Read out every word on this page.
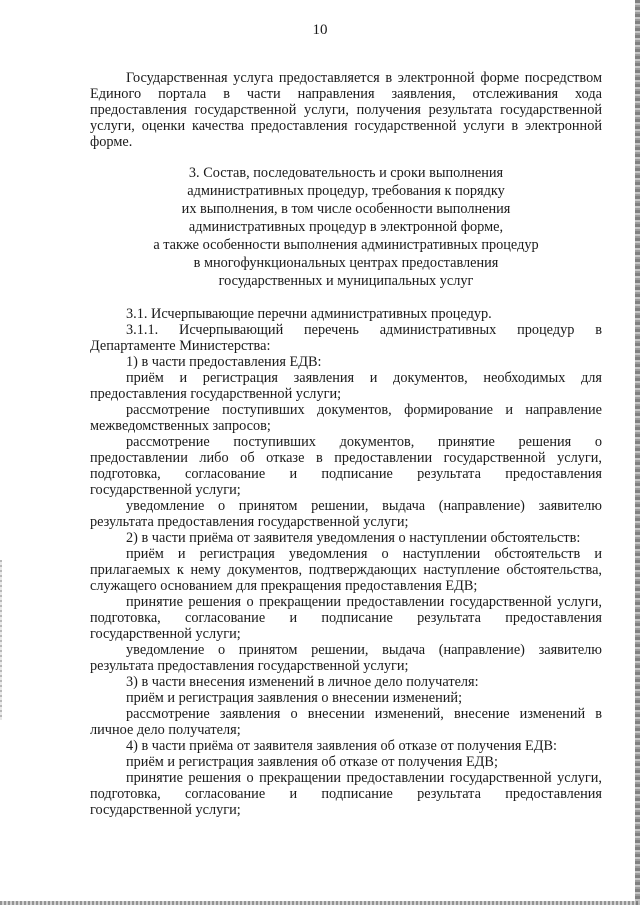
10

Государственная услуга предоставляется в электронной форме посредством Единого портала в части направления заявления, отслеживания хода предоставления государственной услуги, получения результата государственной услуги, оценки качества предоставления государственной услуги в электронной форме.

3. Состав, последовательность и сроки выполнения
административных процедур, требования к порядку
их выполнения, в том числе особенности выполнения
административных процедур в электронной форме,
а также особенности выполнения административных процедур
в многофункциональных центрах предоставления
государственных и муниципальных услуг

3.1. Исчерпывающие перечни административных процедур.

3.1.1. Исчерпывающий перечень административных процедур в Департаменте Министерства:

1) в части предоставления ЕДВ:

приём и регистрация заявления и документов, необходимых для предоставления государственной услуги;

рассмотрение поступивших документов, формирование и направление межведомственных запросов;

рассмотрение поступивших документов, принятие решения о предоставлении либо об отказе в предоставлении государственной услуги, подготовка, согласование и подписание результата предоставления государственной услуги;

уведомление о принятом решении, выдача (направление) заявителю результата предоставления государственной услуги;

2) в части приёма от заявителя уведомления о наступлении обстоятельств:

приём и регистрация уведомления о наступлении обстоятельств и прилагаемых к нему документов, подтверждающих наступление обстоятельства, служащего основанием для прекращения предоставления ЕДВ;

принятие решения о прекращении предоставлении государственной услуги, подготовка, согласование и подписание результата предоставления государственной услуги;

уведомление о принятом решении, выдача (направление) заявителю результата предоставления государственной услуги;

3) в части внесения изменений в личное дело получателя:

приём и регистрация заявления о внесении изменений;

рассмотрение заявления о внесении изменений, внесение изменений в личное дело получателя;

4) в части приёма от заявителя заявления об отказе от получения ЕДВ:

приём и регистрация заявления об отказе от получения ЕДВ;

принятие решения о прекращении предоставлении государственной услуги, подготовка, согласование и подписание результата предоставления государственной услуги;
